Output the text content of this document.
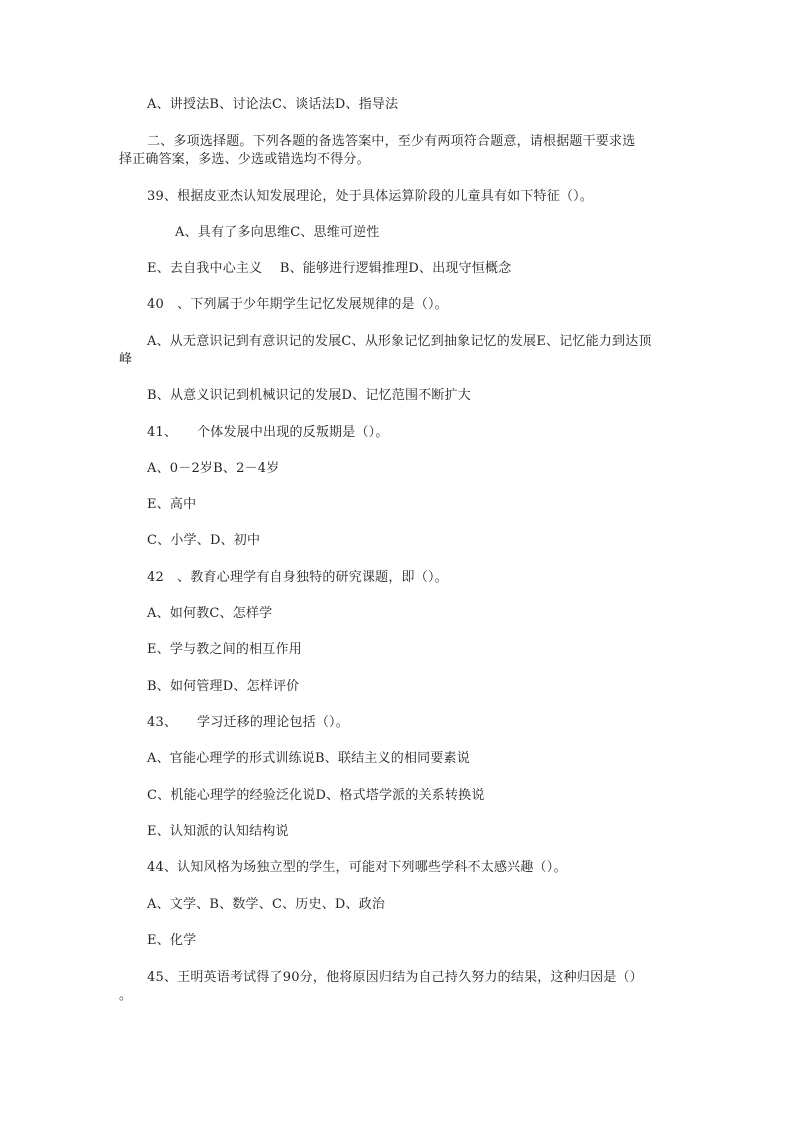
A、讲授法B、讨论法C、谈话法D、指导法
二、多项选择题。下列各题的备选答案中，至少有两项符合题意，请根据题干要求选
择正确答案，多选、少选或错选均不得分。
39、根据皮亚杰认知发展理论，处于具体运算阶段的儿童具有如下特征（）。
A、具有了多向思维C、思维可逆性
E、去自我中心主义　 B、能够进行逻辑推理D、出现守恒概念
40　、下列属于少年期学生记忆发展规律的是（）。
A、从无意识记到有意识记的发展C、从形象记忆到抽象记忆的发展E、记忆能力到达顶
峰
B、从意义识记到机械识记的发展D、记忆范围不断扩大
41、　　个体发展中出现的反叛期是（）。
A、0－2岁B、2－4岁
E、高中
C、小学、D、初中
42　、教育心理学有自身独特的研究课题，即（）。
A、如何教C、怎样学
E、学与教之间的相互作用
B、如何管理D、怎样评价
43、　　学习迁移的理论包括（）。
A、官能心理学的形式训练说B、联结主义的相同要素说
C、机能心理学的经验泛化说D、格式塔学派的关系转换说
E、认知派的认知结构说
44、认知风格为场独立型的学生，可能对下列哪些学科不太感兴趣（）。
A、文学、B、数学、C、历史、D、政治
E、化学
45、王明英语考试得了90分，他将原因归结为自己持久努力的结果，这种归因是（）
。
